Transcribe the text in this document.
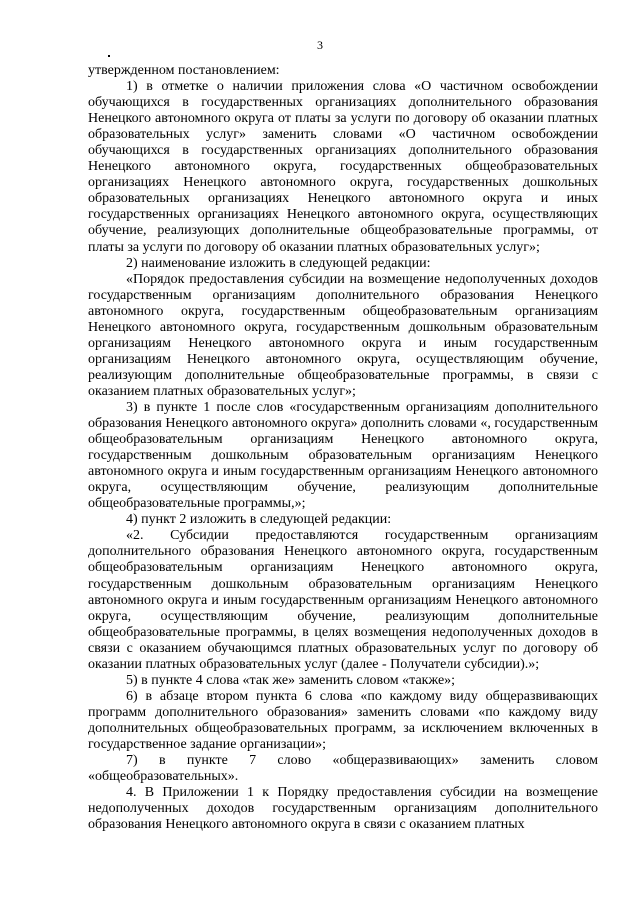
3

утвержденном постановлением:

1) в отметке о наличии приложения слова «О частичном освобождении обучающихся в государственных организациях дополнительного образования Ненецкого автономного округа от платы за услуги по договору об оказании платных образовательных услуг» заменить словами «О частичном освобождении обучающихся в государственных организациях дополнительного образования Ненецкого автономного округа, государственных общеобразовательных организациях Ненецкого автономного округа, государственных дошкольных образовательных организациях Ненецкого автономного округа и иных государственных организациях Ненецкого автономного округа, осуществляющих обучение, реализующих дополнительные общеобразовательные программы, от платы за услуги по договору об оказании платных образовательных услуг»;

2) наименование изложить в следующей редакции:

«Порядок предоставления субсидии на возмещение недополученных доходов государственным организациям дополнительного образования Ненецкого автономного округа, государственным общеобразовательным организациям Ненецкого автономного округа, государственным дошкольным образовательным организациям Ненецкого автономного округа и иным государственным организациям Ненецкого автономного округа, осуществляющим обучение, реализующим дополнительные общеобразовательные программы, в связи с оказанием платных образовательных услуг»;

3) в пункте 1 после слов «государственным организациям дополнительного образования Ненецкого автономного округа» дополнить словами «, государственным общеобразовательным организациям Ненецкого автономного округа, государственным дошкольным образовательным организациям Ненецкого автономного округа и иным государственным организациям Ненецкого автономного округа, осуществляющим обучение, реализующим дополнительные общеобразовательные программы,»;

4) пункт 2 изложить в следующей редакции:

«2. Субсидии предоставляются государственным организациям дополнительного образования Ненецкого автономного округа, государственным общеобразовательным организациям Ненецкого автономного округа, государственным дошкольным образовательным организациям Ненецкого автономного округа и иным государственным организациям Ненецкого автономного округа, осуществляющим обучение, реализующим дополнительные общеобразовательные программы, в целях возмещения недополученных доходов в связи с оказанием обучающимся платных образовательных услуг по договору об оказании платных образовательных услуг (далее - Получатели субсидии).»;

5) в пункте 4 слова «так же» заменить словом «также»;

6) в абзаце втором пункта 6 слова «по каждому виду общеразвивающих программ дополнительного образования» заменить словами «по каждому виду дополнительных общеобразовательных программ, за исключением включенных в государственное задание организации»;

7) в пункте 7 слово «общеразвивающих» заменить словом «общеобразовательных».

4. В Приложении 1 к Порядку предоставления субсидии на возмещение недополученных доходов государственным организациям дополнительного образования Ненецкого автономного округа в связи с оказанием платных
